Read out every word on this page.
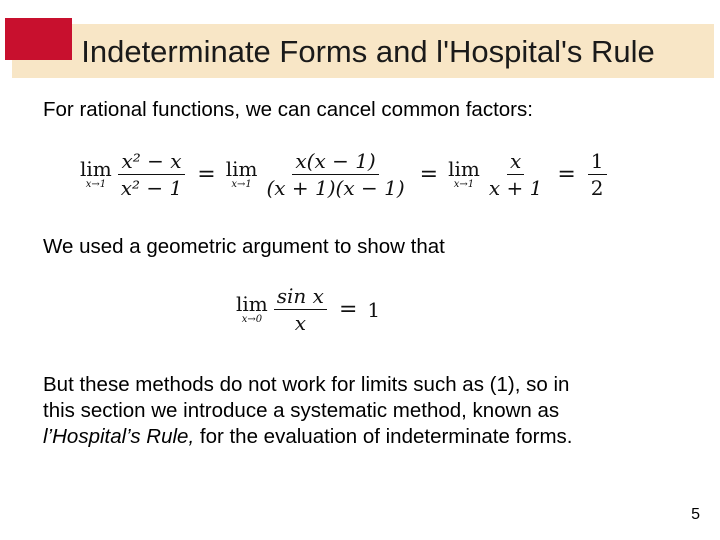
Indeterminate Forms and l'Hospital's Rule
For rational functions, we can cancel common factors:
lim
$x\to 1 \frac{\text{x² − x}}{\text{x² − 1}} = \lim$
$x\to 1 \frac{x(x - 1)}{(x + 1)(x - 1)} = \lim$
$x\to 1 \frac{x}{x + 1} = \frac{1}{2}$
We used a geometric argument to show that
lim
$x\to 0 \frac{\text{sin x}}{x} = 1$
But these methods do not work for limits such as (1), so in
this section we introduce a systematic method, known as
l’Hospital’s Rule, for the evaluation of indeterminate forms.
5
